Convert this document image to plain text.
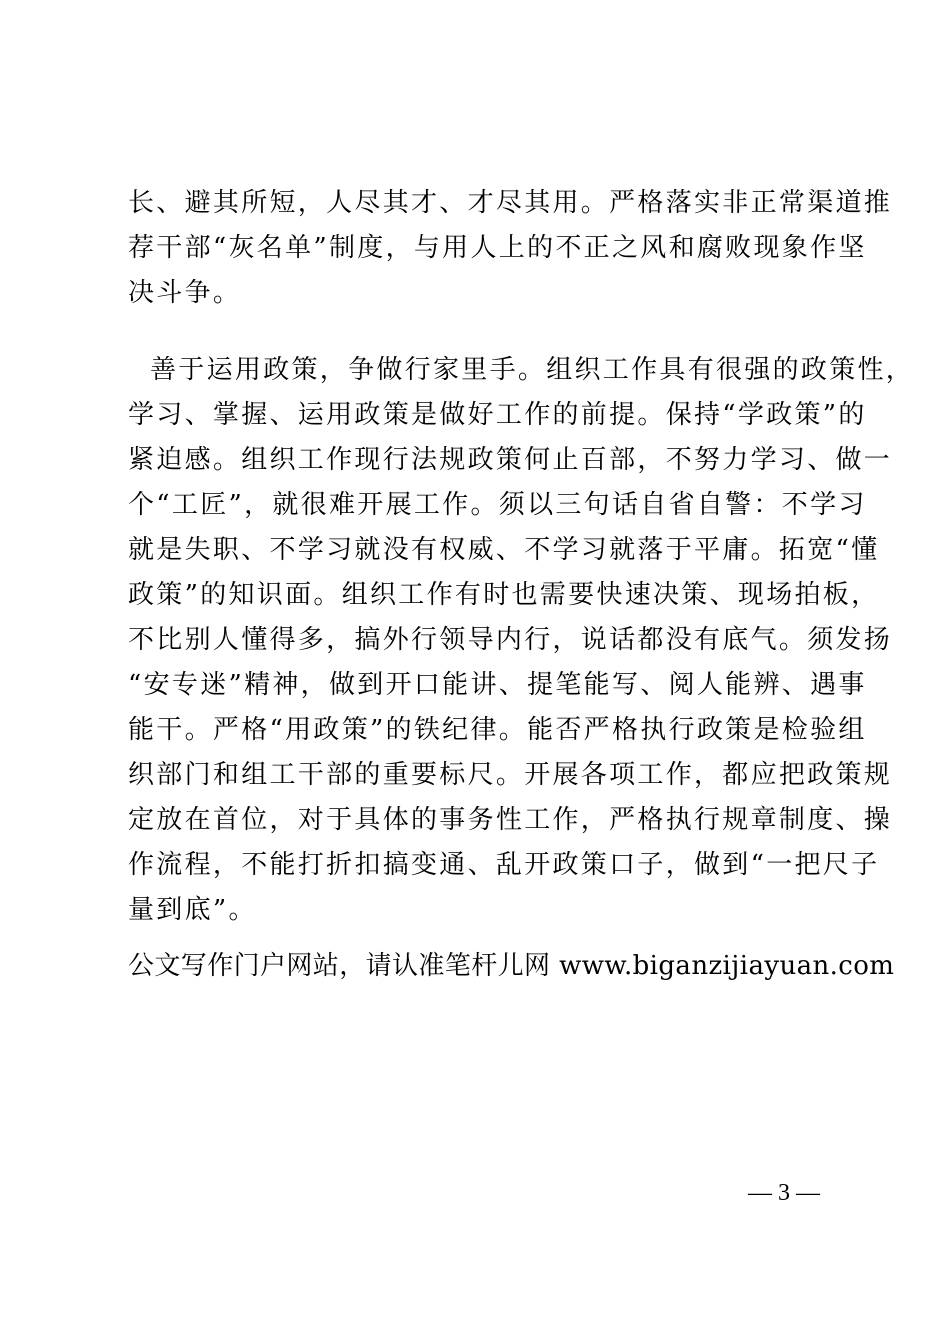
长、避其所短，人尽其才、才尽其用。严格落实非正常渠道推
荐干部“灰名单”制度，与用人上的不正之风和腐败现象作坚
决斗争。
善于运用政策，争做行家里手。组织工作具有很强的政策性，
学习、掌握、运用政策是做好工作的前提。保持“学政策”的
紧迫感。组织工作现行法规政策何止百部，不努力学习、做一
个“工匠”，就很难开展工作。须以三句话自省自警：不学习
就是失职、不学习就没有权威、不学习就落于平庸。拓宽“懂
政策”的知识面。组织工作有时也需要快速决策、现场拍板，
不比别人懂得多，搞外行领导内行，说话都没有底气。须发扬
“安专迷”精神，做到开口能讲、提笔能写、阅人能辨、遇事
能干。严格“用政策”的铁纪律。能否严格执行政策是检验组
织部门和组工干部的重要标尺。开展各项工作，都应把政策规
定放在首位，对于具体的事务性工作，严格执行规章制度、操
作流程，不能打折扣搞变通、乱开政策口子，做到“一把尺子
量到底”。
公文写作门户网站，请认准笔杆儿网 www.biganzijiayuan.com
— 3 —
